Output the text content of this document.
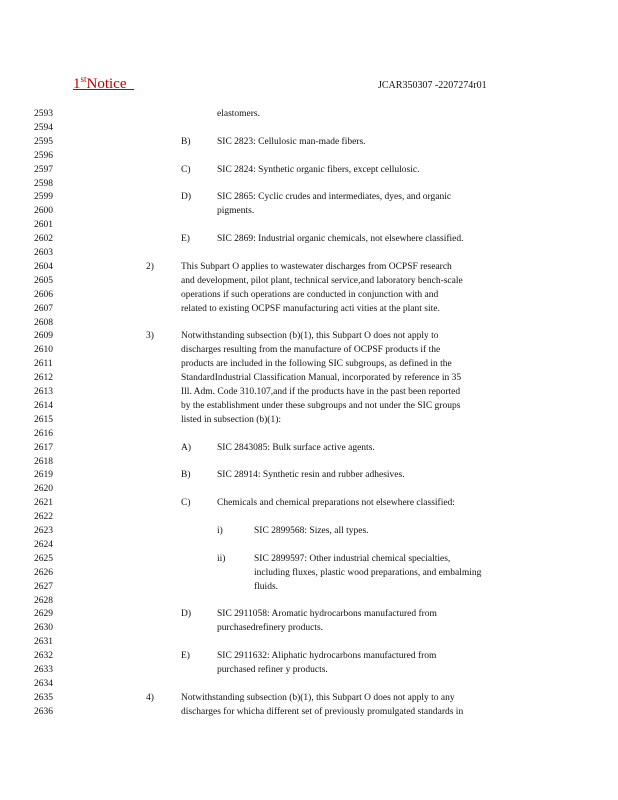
1stNotice	JCAR350307 -2207274r01
2593
2594
2595
2596
2597
2598
2599
2600
2601
2602
2603
2604
2605
2606
2607
2608
2609
2610
2611
2612
2613
2614
2615
2616
2617
2618
2619
2620
2621
2622
2623
2624
2625
2626
2627
2628
2629
2630
2631
2632
2633
2634
2635
2636
elastomers.
B)	SIC 2823: Cellulosic man-made fibers.
C)	SIC 2824: Synthetic organic fibers, except cellulosic.
D)	SIC 2865: Cyclic crudes and intermediates, dyes, and organic
pigments.
E)	SIC 2869: Industrial organic chemicals, not elsewhere classified.
2)	This Subpart O applies to wastewater discharges from OCPSF research
and development, pilot plant, technical service,and laboratory bench-scale
operations if such operations are conducted in conjunction with and
related to existing OCPSF manufacturing acti vities at the plant site.
3)	Notwithstanding subsection (b)(1), this Subpart O does not apply to
discharges resulting from the manufacture of OCPSF products if the
products are included in the following SIC subgroups, as defined in the
StandardIndustrial Classification Manual, incorporated by reference in 35
Ill. Adm. Code 310.107,and if the products have in the past been reported
by the establishment under these subgroups and not under the SIC groups
listed in subsection (b)(1):
A)	SIC 2843085: Bulk surface active agents.
B)	SIC 28914: Synthetic resin and rubber adhesives.
C)	Chemicals and chemical preparations not elsewhere classified:
i)	SIC 2899568: Sizes, all types.
ii)	SIC 2899597: Other industrial chemical specialties,
including fluxes, plastic wood preparations, and embalming
fluids.
D)	SIC 2911058: Aromatic hydrocarbons manufactured from
purchasedrefinery products.
E)	SIC 2911632: Aliphatic hydrocarbons manufactured from
purchased refiner y products.
4)	Notwithstanding subsection (b)(1), this Subpart O does not apply to any
discharges for whicha different set of previously promulgated standards in
